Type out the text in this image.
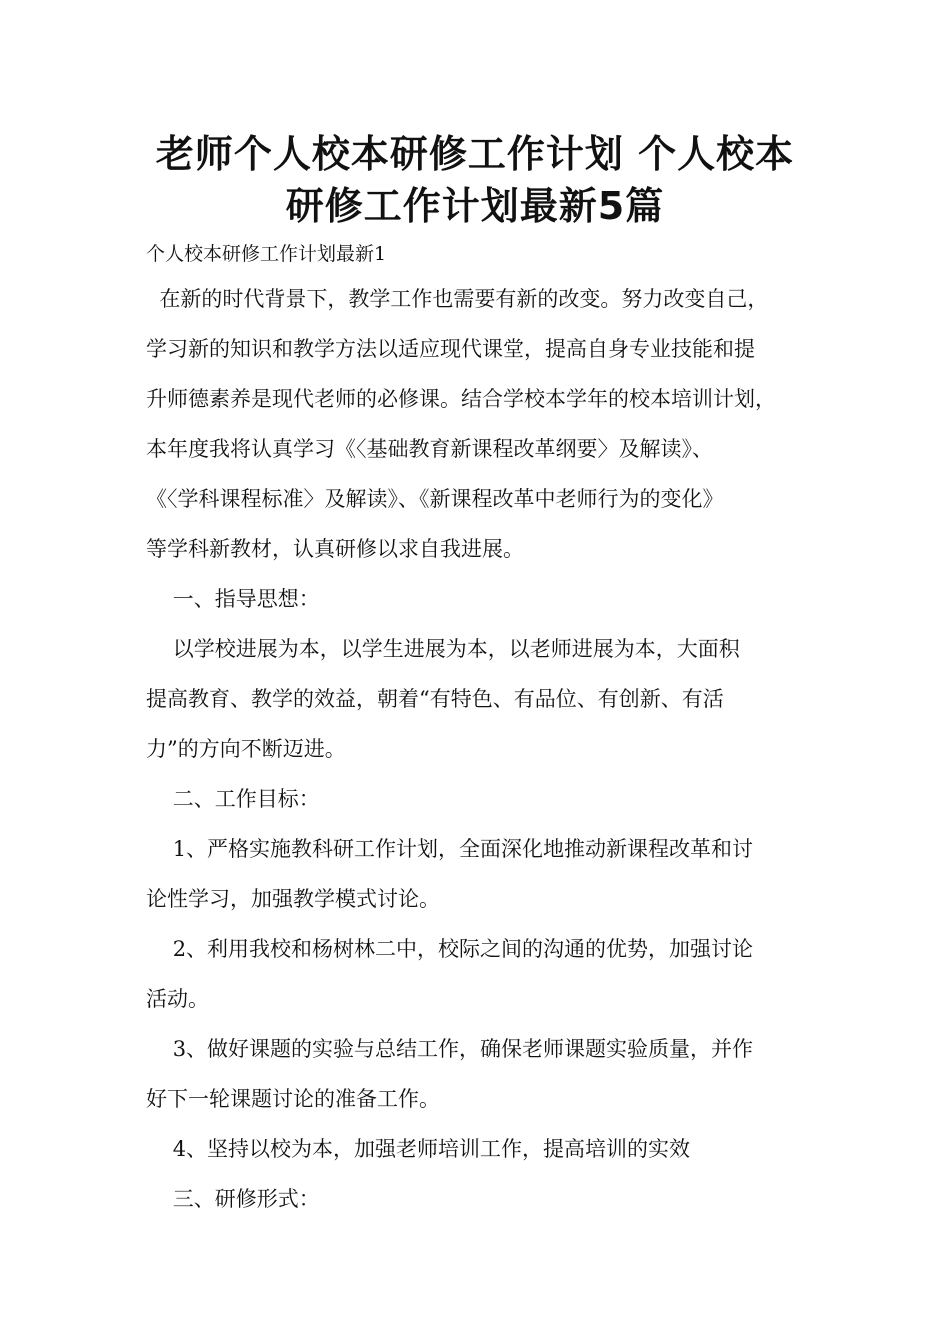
老师个人校本研修工作计划 个人校本
研修工作计划最新5篇

个人校本研修工作计划最新1

在新的时代背景下，教学工作也需要有新的改变。努力改变自己，
学习新的知识和教学方法以适应现代课堂，提高自身专业技能和提
升师德素养是现代老师的必修课。结合学校本学年的校本培训计划，
本年度我将认真学习《〈基础教育新课程改革纲要〉及解读》、
《〈学科课程标准〉及解读》、《新课程改革中老师行为的变化》
等学科新教材，认真研修以求自我进展。
一、指导思想：
以学校进展为本，以学生进展为本，以老师进展为本，大面积
提高教育、教学的效益，朝着“有特色、有品位、有创新、有活
力”的方向不断迈进。
二、工作目标：
1、严格实施教科研工作计划，全面深化地推动新课程改革和讨
论性学习，加强教学模式讨论。
2、利用我校和杨树林二中，校际之间的沟通的优势，加强讨论
活动。
3、做好课题的实验与总结工作，确保老师课题实验质量，并作
好下一轮课题讨论的准备工作。
4、坚持以校为本，加强老师培训工作，提高培训的实效
三、研修形式：
